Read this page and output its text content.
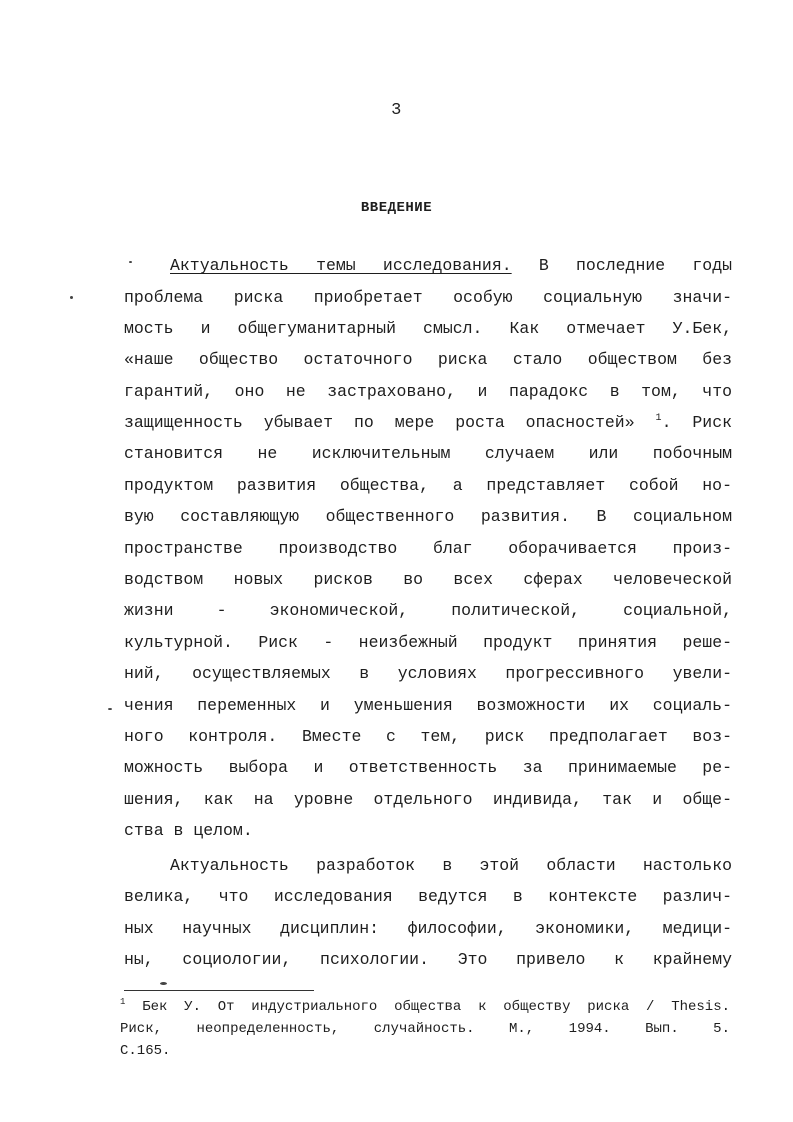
3
ВВЕДЕНИЕ
Актуальность темы исследования. В последние годы
проблема риска приобретает особую социальную значи-
мость и общегуманитарный смысл. Как отмечает У.Бек,
«наше общество остаточного риска стало обществом без
гарантий, оно не застраховано, и парадокс в том, что
защищенность убывает по мере роста опасностей» $^1$. Риск
становится не исключительным случаем или побочным
продуктом развития общества, а представляет собой но-
вую составляющую общественного развития. В социальном
пространстве производство благ оборачивается произ-
водством новых рисков во всех сферах человеческой
жизни - экономической, политической, социальной,
культурной. Риск - неизбежный продукт принятия реше-
ний, осуществляемых в условиях прогрессивного увели-
чения переменных и уменьшения возможности их социаль-
ного контроля. Вместе с тем, риск предполагает воз-
можность выбора и ответственность за принимаемые ре-
шения, как на уровне отдельного индивида, так и обще-
ства в целом.
Актуальность разработок в этой области настолько
велика, что исследования ведутся в контексте различ-
ных научных дисциплин: философии, экономики, медици-
ны, социологии, психологии. Это привело к крайнему
$^1$ Бек У. От индустриального общества к обществу риска / Thesis.
Риск, неопределенность, случайность. М., 1994. Вып. 5.
С.165.
